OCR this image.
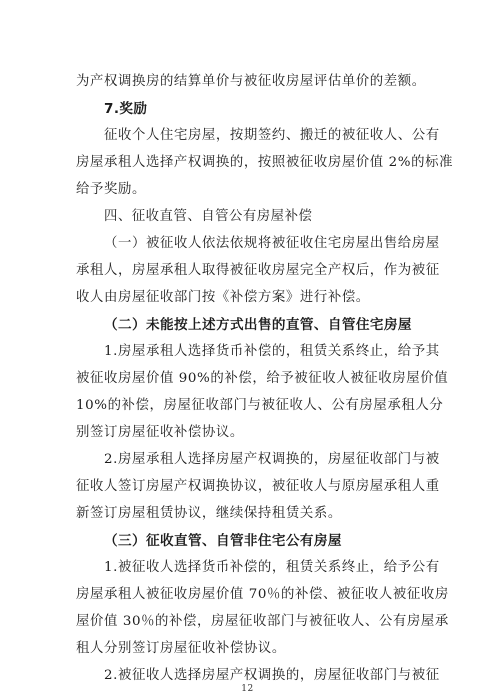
为产权调换房的结算单价与被征收房屋评估单价的差额。
7.奖励
征收个人住宅房屋，按期签约、搬迁的被征收人、公有
房屋承租人选择产权调换的，按照被征收房屋价值 2%的标准
给予奖励。
四、征收直管、自管公有房屋补偿
（一）被征收人依法依规将被征收住宅房屋出售给房屋
承租人，房屋承租人取得被征收房屋完全产权后，作为被征
收人由房屋征收部门按《补偿方案》进行补偿。
（二）未能按上述方式出售的直管、自管住宅房屋
1.房屋承租人选择货币补偿的，租赁关系终止，给予其
被征收房屋价值 90%的补偿，给予被征收人被征收房屋价值
10%的补偿，房屋征收部门与被征收人、公有房屋承租人分
别签订房屋征收补偿协议。
2.房屋承租人选择房屋产权调换的，房屋征收部门与被
征收人签订房屋产权调换协议，被征收人与原房屋承租人重
新签订房屋租赁协议，继续保持租赁关系。
（三）征收直管、自管非住宅公有房屋
1.被征收人选择货币补偿的，租赁关系终止，给予公有
房屋承租人被征收房屋价值 70％的补偿、被征收人被征收房
屋价值 30％的补偿，房屋征收部门与被征收人、公有房屋承
租人分别签订房屋征收补偿协议。
2.被征收人选择房屋产权调换的，房屋征收部门与被征
12
